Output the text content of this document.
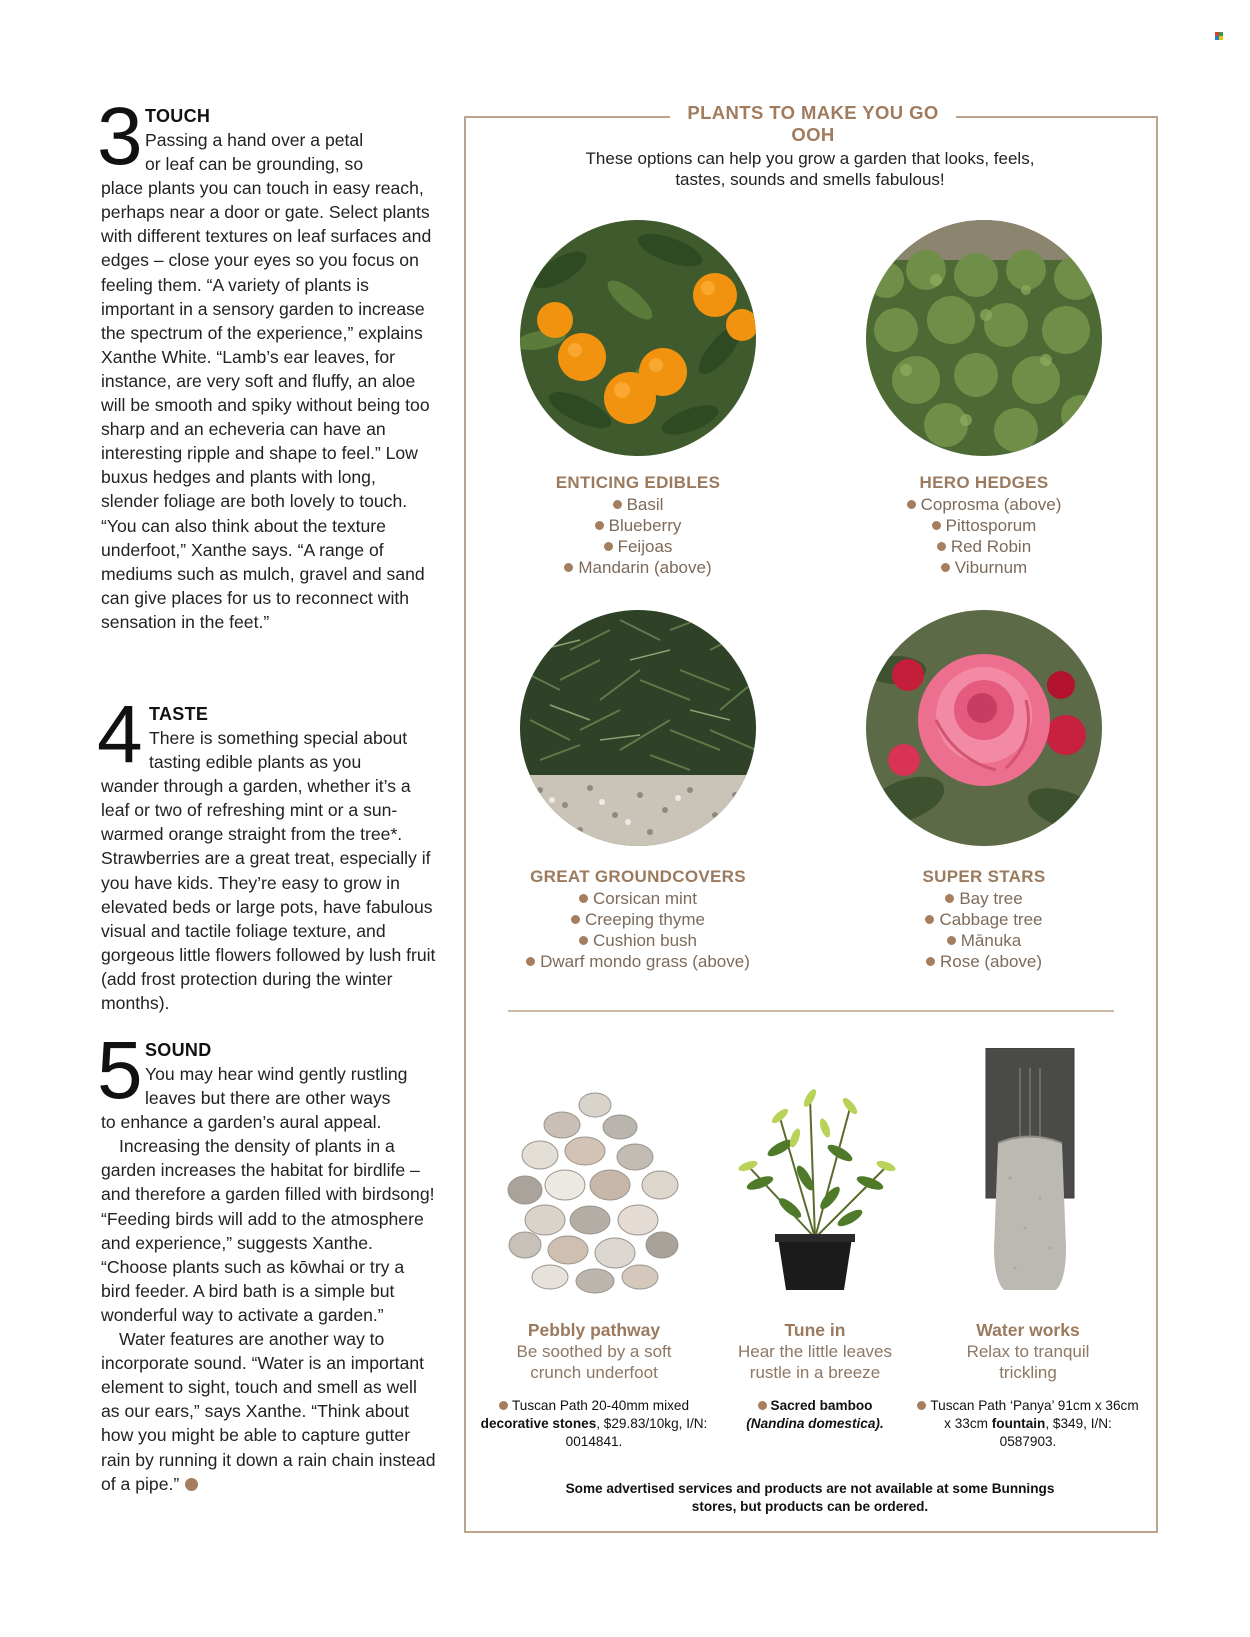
3 TOUCH

Passing a hand over a petal

or leaf can be grounding, so

place plants you can touch in easy reach, perhaps near a door or gate. Select plants with different textures on leaf surfaces and edges – close your eyes so you focus on feeling them. “A variety of plants is important in a sensory garden to increase the spectrum of the experience,” explains Xanthe White. “Lamb’s ear leaves, for instance, are very soft and fluffy, an aloe will be smooth and spiky without being too sharp and an echeveria can have an interesting ripple and shape to feel.” Low buxus hedges and plants with long, slender foliage are both lovely to touch. “You can also think about the texture underfoot,” Xanthe says. “A range of mediums such as mulch, gravel and sand can give places for us to reconnect with sensation in the feet.”

4 TASTE

There is something special about

tasting edible plants as you

wander through a garden, whether it’s a leaf or two of refreshing mint or a sun-warmed orange straight from the tree*. Strawberries are a great treat, especially if you have kids. They’re easy to grow in elevated beds or large pots, have fabulous visual and tactile foliage texture, and gorgeous little flowers followed by lush fruit (add frost protection during the winter months).

5 SOUND

You may hear wind gently rustling

leaves but there are other ways

to enhance a garden’s aural appeal.

Increasing the density of plants in a garden increases the habitat for birdlife – and therefore a garden filled with birdsong! “Feeding birds will add to the atmosphere and experience,” suggests Xanthe. “Choose plants such as kōwhai or try a bird feeder. A bird bath is a simple but wonderful way to activate a garden.”

Water features are another way to incorporate sound. “Water is an important element to sight, touch and smell as well as our ears,” says Xanthe. “Think about how you might be able to capture gutter rain by running it down a rain chain instead of a pipe.”

PLANTS TO MAKE YOU GO OOH
These options can help you grow a garden that looks, feels, tastes, sounds and smells fabulous!
ENTICING EDIBLES
Basil
Blueberry
Feijoas
Mandarin (above)
HERO HEDGES
Coprosma (above)
Pittosporum
Red Robin
Viburnum
GREAT GROUNDCOVERS
Corsican mint
Creeping thyme
Cushion bush
Dwarf mondo grass (above)
SUPER STARS
Bay tree
Cabbage tree
Mānuka
Rose (above)
Pebbly pathway
Be soothed by a soft
crunch underfoot
Tuscan Path 20-40mm mixed decorative stones, $29.83/10kg, I/N: 0014841.
Tune in
Hear the little leaves
rustle in a breeze
Sacred bamboo
(Nandina domestica).
Water works
Relax to tranquil
trickling
Tuscan Path ‘Panya’ 91cm x 36cm x 33cm fountain, $349, I/N: 0587903.
Some advertised services and products are not available at some Bunnings stores, but products can be ordered.
